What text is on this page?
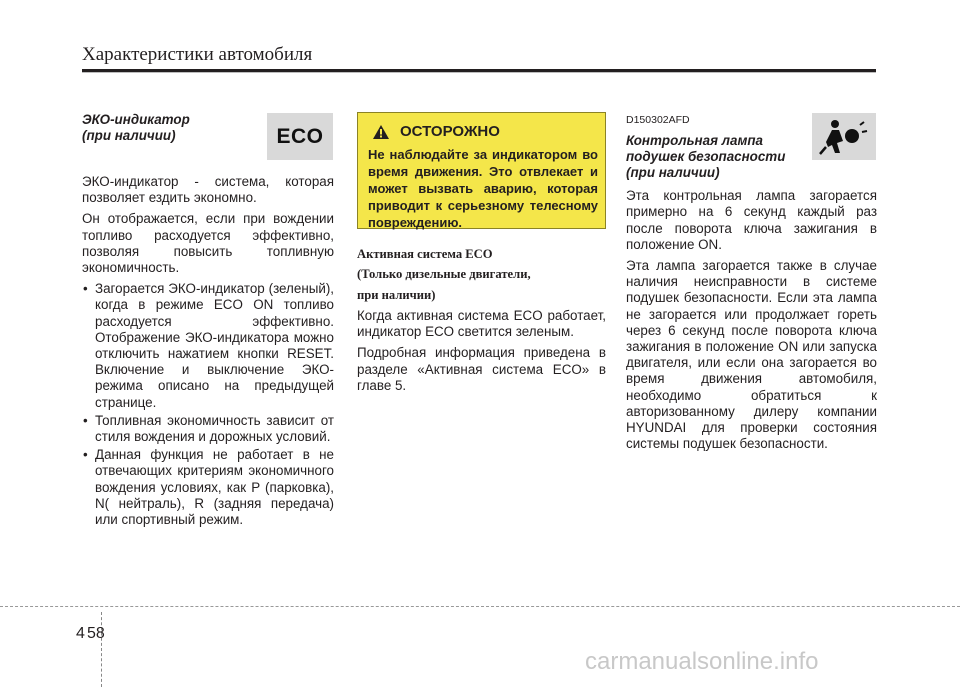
Характеристики автомобиля
ЭКО-индикатор
(при наличии)

ЭКО-индикатор - система, которая позволяет ездить экономно.

Он отображается, если при вождении топливо расходуется эффективно, позволяя повысить топливную экономичность.

• Загорается ЭКО-индикатор (зеленый), когда в режиме ECO ON топливо расходуется эффективно. Отображение ЭКО-индикатора можно отключить нажатием кнопки RESET. Включение и выключение ЭКО-режима описано на предыдущей странице.
• Топливная экономичность зависит от стиля вождения и дорожных условий.
• Данная функция не работает в не отвечающих критериям экономичного вождения условиях, как P (парковка), N( нейтраль), R (задняя передача) или спортивный режим.
ECO	ОСТОРОЖНО
Не наблюдайте за индикатором во время движения. Это отвлекает и может вызвать аварию, которая приводит к серьезному телесному повреждению.

Активная система ECO

(Только дизельные двигатели,

при наличии)

Когда активная система ECO работает, индикатор ECO светится зеленым.

Подробная информация приведена в разделе «Активная система ECO» в главе 5.

D150302AFD

Контрольная лампа
подушек безопасности
(при наличии)

Эта контрольная лампа загорается примерно на 6 секунд каждый раз после поворота ключа зажигания в положение ON.

Эта лампа загорается также в случае наличия неисправности в системе подушек безопасности. Если эта лампа не загорается или продолжает гореть через 6 секунд после поворота ключа зажигания в положение ON или запуска двигателя, или если она загорается во время движения автомобиля, необходимо обратиться к авторизованному дилеру компании HYUNDAI для проверки состояния системы подушек безопасности.

4 58
carmanualsonline.info
